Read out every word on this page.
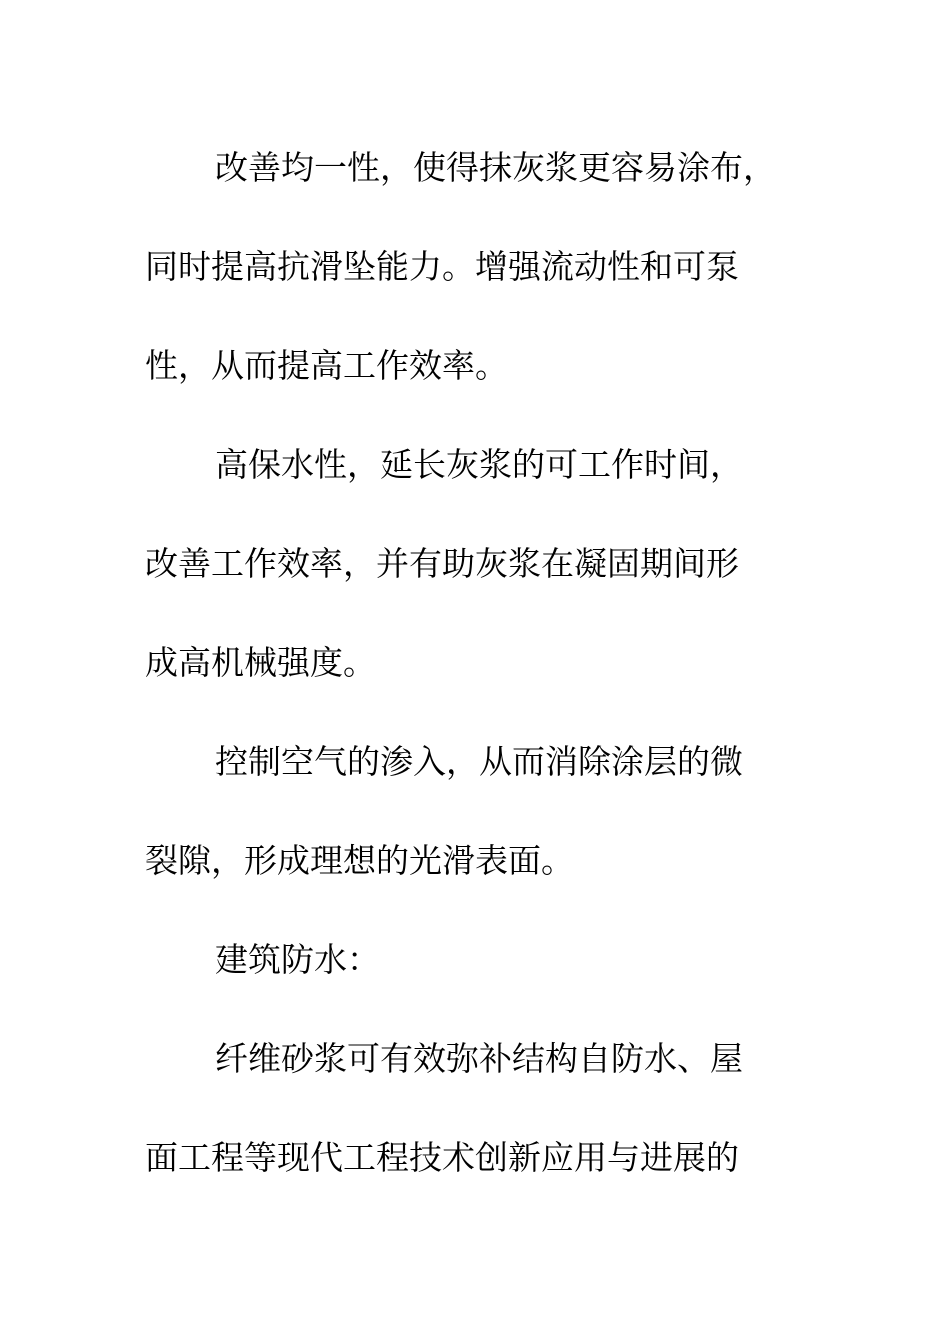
改善均一性，使得抹灰浆更容易涂布，
同时提高抗滑坠能力。增强流动性和可泵
性，从而提高工作效率。

高保水性，延长灰浆的可工作时间，
改善工作效率，并有助灰浆在凝固期间形
成高机械强度。

控制空气的渗入，从而消除涂层的微
裂隙，形成理想的光滑表面。

建筑防水：

纤维砂浆可有效弥补结构自防水、屋
面工程等现代工程技术创新应用与进展的
